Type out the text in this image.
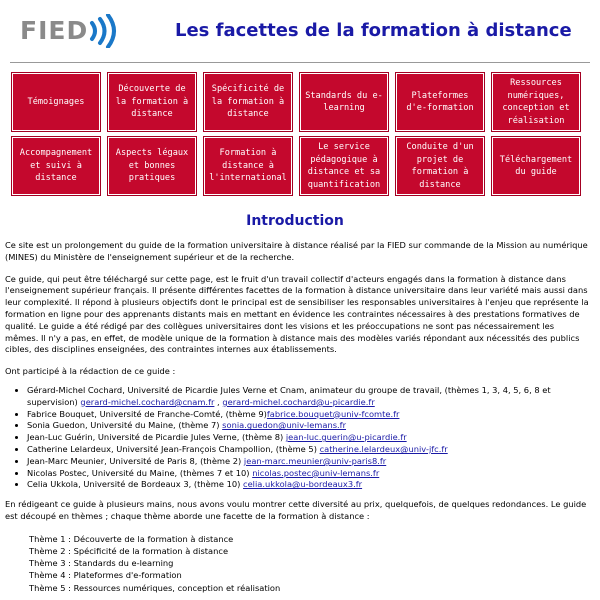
FIED	Les facettes de la formation à distance
Témoignages
Découverte de la formation à distance
Spécificité de la formation à distance
Standards du e-learning
Plateformes d'e-formation
Ressources numériques, conception et réalisation
Accompagnement et suivi à distance
Aspects légaux et bonnes pratiques
Formation à distance à l'international
Le service pédagogique à distance et sa quantification
Conduite d'un projet de formation à distance
Téléchargement du guide
Introduction

Ce site est un prolongement du guide de la formation universitaire à distance réalisé par la FIED sur commande de la Mission au numérique (MINES) du Ministère de l'enseignement supérieur et de la recherche.

Ce guide, qui peut être téléchargé sur cette page, est le fruit d'un travail collectif d'acteurs engagés dans la formation à distance dans l'enseignement supérieur français. Il présente différentes facettes de la formation à distance universitaire dans leur variété mais aussi dans leur complexité. Il répond à plusieurs objectifs dont le principal est de sensibiliser les responsables universitaires à l'enjeu que représente la formation en ligne pour des apprenants distants mais en mettant en évidence les contraintes nécessaires à des prestations formatives de qualité. Le guide a été rédigé par des collègues universitaires dont les visions et les préoccupations ne sont pas nécessairement les mêmes. Il n'y a pas, en effet, de modèle unique de la formation à distance mais des modèles variés répondant aux nécessités des publics cibles, des disciplines enseignées, des contraintes internes aux établissements.

Ont participé à la rédaction de ce guide :

• Gérard-Michel Cochard, Université de Picardie Jules Verne et Cnam, animateur du groupe de travail, (thèmes 1, 3, 4, 5, 6, 8 et supervision) gerard-michel.cochard@cnam.fr , gerard-michel.cochard@u-picardie.fr
• Fabrice Bouquet, Université de Franche-Comté, (thème 9)fabrice.bouquet@univ-fcomte.fr
• Sonia Guedon, Université du Maine, (thème 7) sonia.guedon@univ-lemans.fr
• Jean-Luc Guérin, Université de Picardie Jules Verne, (thème 8) jean-luc.guerin@u-picardie.fr
• Catherine Lelardeux, Université Jean-François Champollion, (thème 5) catherine.lelardeux@univ-jfc.fr
• Jean-Marc Meunier, Université de Paris 8, (thème 2) jean-marc.meunier@univ-paris8.fr
• Nicolas Postec, Université du Maine, (thèmes 7 et 10) nicolas.postec@univ-lemans.fr
• Celia Ukkola, Université de Bordeaux 3, (thème 10) celia.ukkola@u-bordeaux3.fr

En rédigeant ce guide à plusieurs mains, nous avons voulu montrer cette diversité au prix, quelquefois, de quelques redondances. Le guide est découpé en thèmes ; chaque thème aborde une facette de la formation à distance :

Thème 1 : Découverte de la formation à distance
Thème 2 : Spécificité de la formation à distance
Thème 3 : Standards du e-learning
Thème 4 : Plateformes d'e-formation
Thème 5 : Ressources numériques, conception et réalisation
